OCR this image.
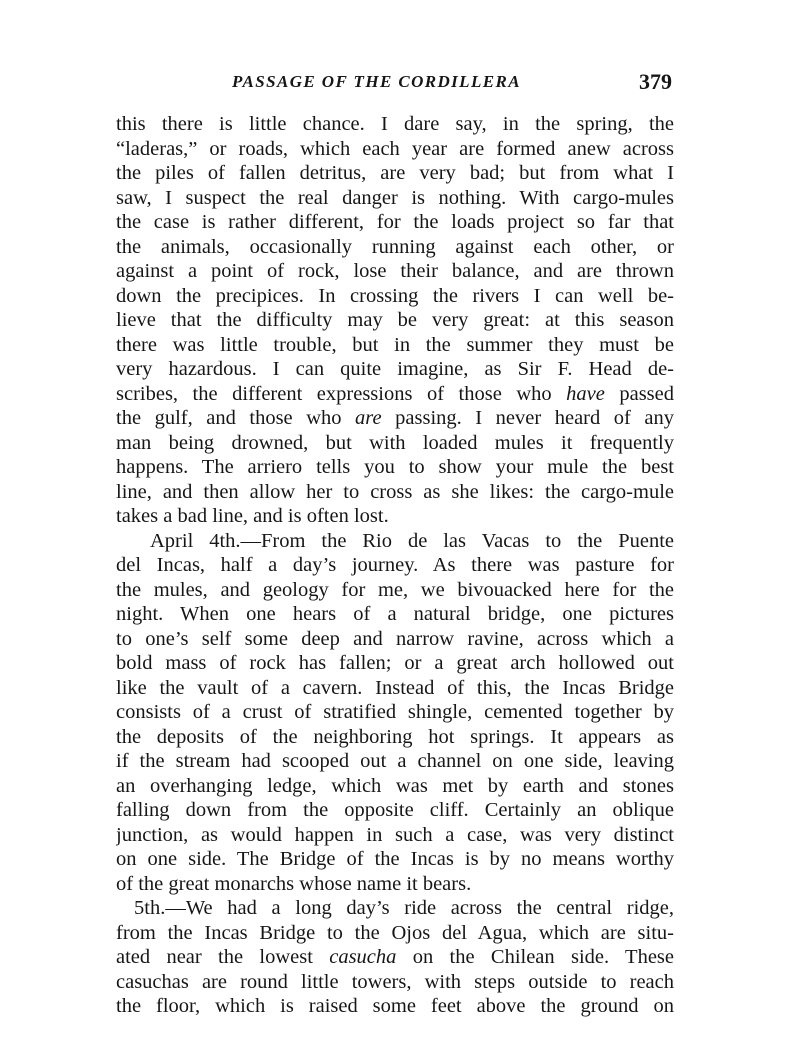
PASSAGE OF THE CORDILLERA	379
this there is little chance. I dare say, in the spring, the
“laderas,” or roads, which each year are formed anew across
the piles of fallen detritus, are very bad; but from what I
saw, I suspect the real danger is nothing. With cargo-mules
the case is rather different, for the loads project so far that
the animals, occasionally running against each other, or
against a point of rock, lose their balance, and are thrown
down the precipices. In crossing the rivers I can well be-
lieve that the difficulty may be very great: at this season
there was little trouble, but in the summer they must be
very hazardous. I can quite imagine, as Sir F. Head de-
scribes, the different expressions of those who have passed
the gulf, and those who are passing. I never heard of any
man being drowned, but with loaded mules it frequently
happens. The arriero tells you to show your mule the best
line, and then allow her to cross as she likes: the cargo-mule
takes a bad line, and is often lost.
April 4th.—From the Rio de las Vacas to the Puente
del Incas, half a day’s journey. As there was pasture for
the mules, and geology for me, we bivouacked here for the
night. When one hears of a natural bridge, one pictures
to one’s self some deep and narrow ravine, across which a
bold mass of rock has fallen; or a great arch hollowed out
like the vault of a cavern. Instead of this, the Incas Bridge
consists of a crust of stratified shingle, cemented together by
the deposits of the neighboring hot springs. It appears as
if the stream had scooped out a channel on one side, leaving
an overhanging ledge, which was met by earth and stones
falling down from the opposite cliff. Certainly an oblique
junction, as would happen in such a case, was very distinct
on one side. The Bridge of the Incas is by no means worthy
of the great monarchs whose name it bears.
5th.—We had a long day’s ride across the central ridge,
from the Incas Bridge to the Ojos del Agua, which are situ-
ated near the lowest casucha on the Chilean side. These
casuchas are round little towers, with steps outside to reach
the floor, which is raised some feet above the ground on
